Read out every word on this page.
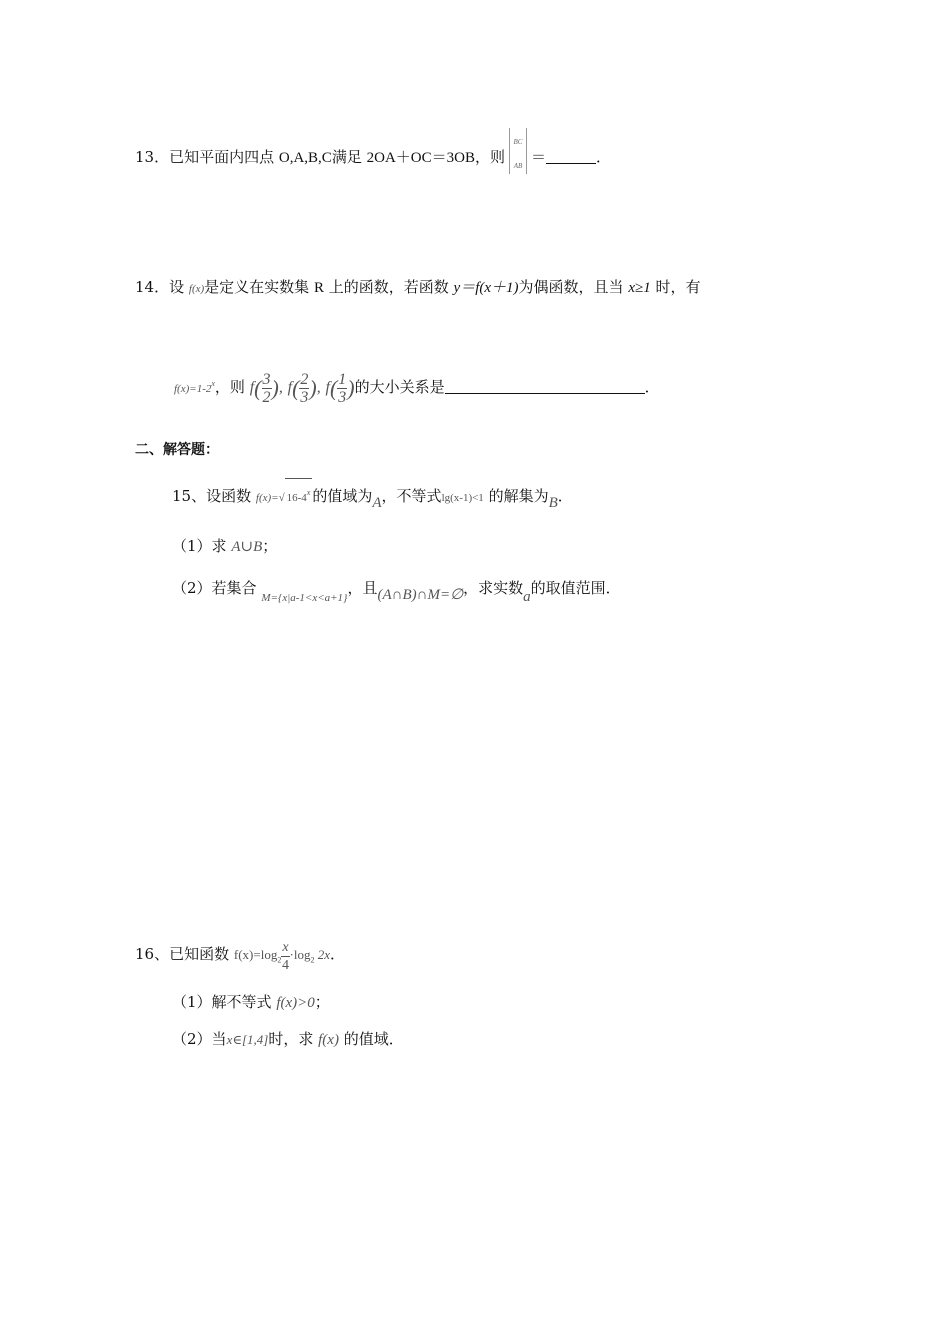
13．已知平面内四点 O,A,B,C满足 2OA＋OC＝3OB，则
BC
AB ＝	．
14．设 f(x)是定义在实数集 R 上的函数，若函数 y＝f(x＋1)为偶函数，且当 x≥1 时，有
$f(x)=1-2^x$，则 $f( \frac{3}{2}$ ), $f( \frac{2}{3}$ ), $f( \frac{1}{3}$ )的大小关系是	．
二、解答题：
15、设函数 f(x)=√ 16-4$^x$ 的值域为A，不等式lg(x-1)<1 的解集为B．
（1）求 A∪B；
（2）若集合 $_{M=\{x|a-1<x<a+1\}}$，且(A∩B)∩M=∅，求实数a的取值范围．
16、已知函数 $f(x)=\log_2 \frac{x}{4} \cdot\log_2$ 2x．
（1）解不等式 f(x)>0；
（2）当x∈[1,4]时，求 f(x) 的值域．
